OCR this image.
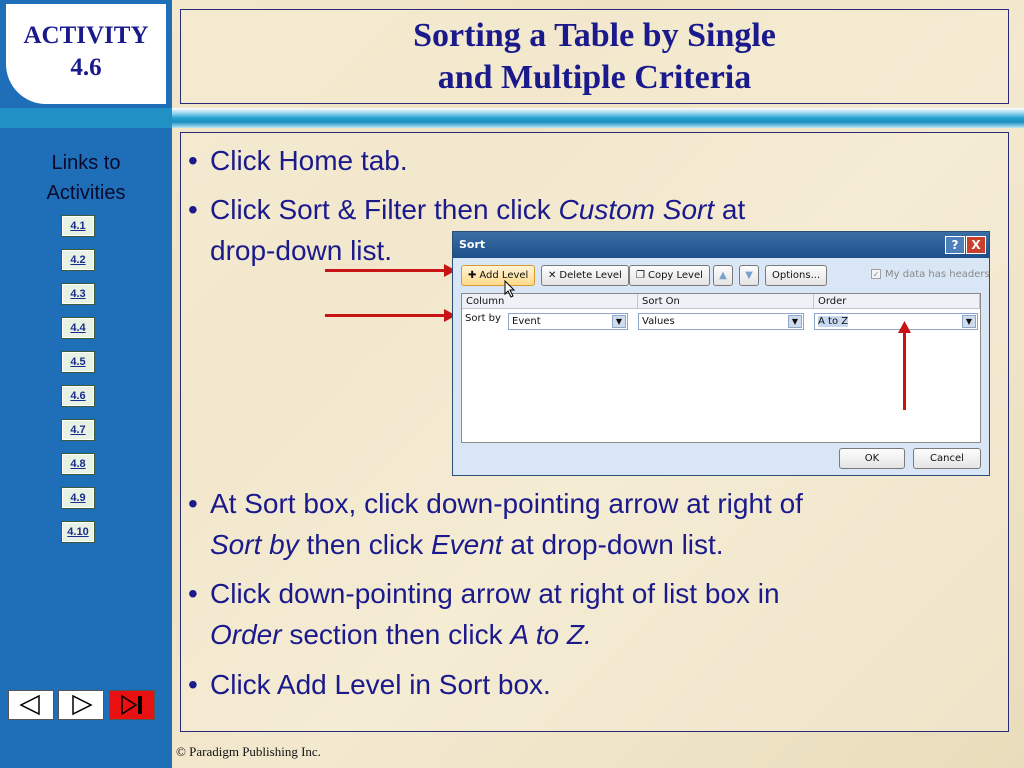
ACTIVITY
4.6
Links to
Activities
4.1
4.2
4.3
4.4
4.5
4.6
4.7
4.8
4.9
4.10
Sorting a Table by Single
and Multiple Criteria
• Click Home tab.
• Click Sort & Filter then click Custom Sort at
drop-down list.
• At Sort box, click down-pointing arrow at right of
Sort by then click Event at drop-down list.
• Click down-pointing arrow at right of list box in
Order section then click A to Z.
• Click Add Level in Sort box.
Sort	?	X
✚ Add Level	✕ Delete Level	❐ Copy Level	▲	▼	Options...	✓ My data has headers
Column	Sort On	Order
Sort by	Event	▼	Values	▼	A to Z	▼
OK	Cancel
© Paradigm Publishing Inc.
